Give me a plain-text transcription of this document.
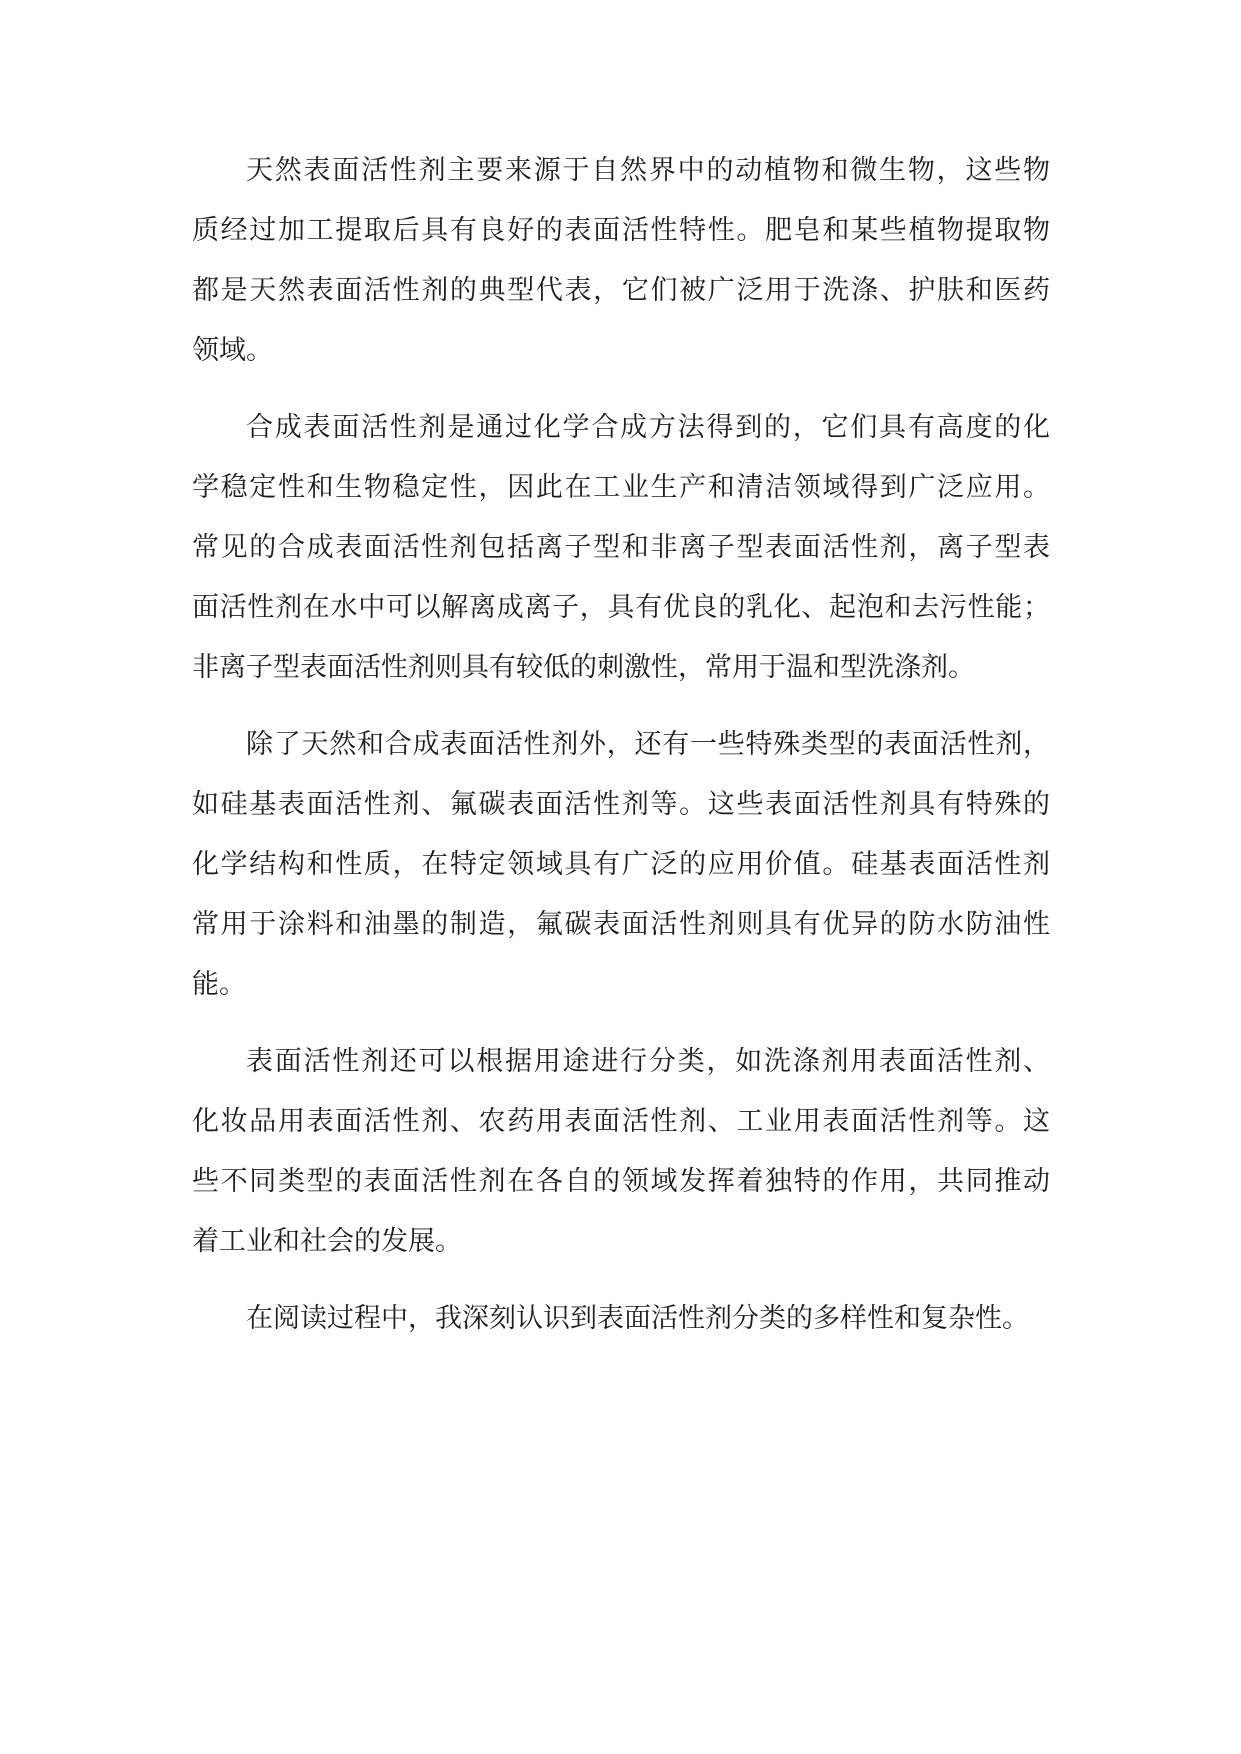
天然表面活性剂主要来源于自然界中的动植物和微生物，这些物
质经过加工提取后具有良好的表面活性特性。肥皂和某些植物提取物
都是天然表面活性剂的典型代表，它们被广泛用于洗涤、护肤和医药
领域。
合成表面活性剂是通过化学合成方法得到的，它们具有高度的化
学稳定性和生物稳定性，因此在工业生产和清洁领域得到广泛应用。
常见的合成表面活性剂包括离子型和非离子型表面活性剂，离子型表
面活性剂在水中可以解离成离子，具有优良的乳化、起泡和去污性能；
非离子型表面活性剂则具有较低的刺激性，常用于温和型洗涤剂。
除了天然和合成表面活性剂外，还有一些特殊类型的表面活性剂，
如硅基表面活性剂、氟碳表面活性剂等。这些表面活性剂具有特殊的
化学结构和性质，在特定领域具有广泛的应用价值。硅基表面活性剂
常用于涂料和油墨的制造，氟碳表面活性剂则具有优异的防水防油性
能。
表面活性剂还可以根据用途进行分类，如洗涤剂用表面活性剂、
化妆品用表面活性剂、农药用表面活性剂、工业用表面活性剂等。这
些不同类型的表面活性剂在各自的领域发挥着独特的作用，共同推动
着工业和社会的发展。
在阅读过程中，我深刻认识到表面活性剂分类的多样性和复杂性。
